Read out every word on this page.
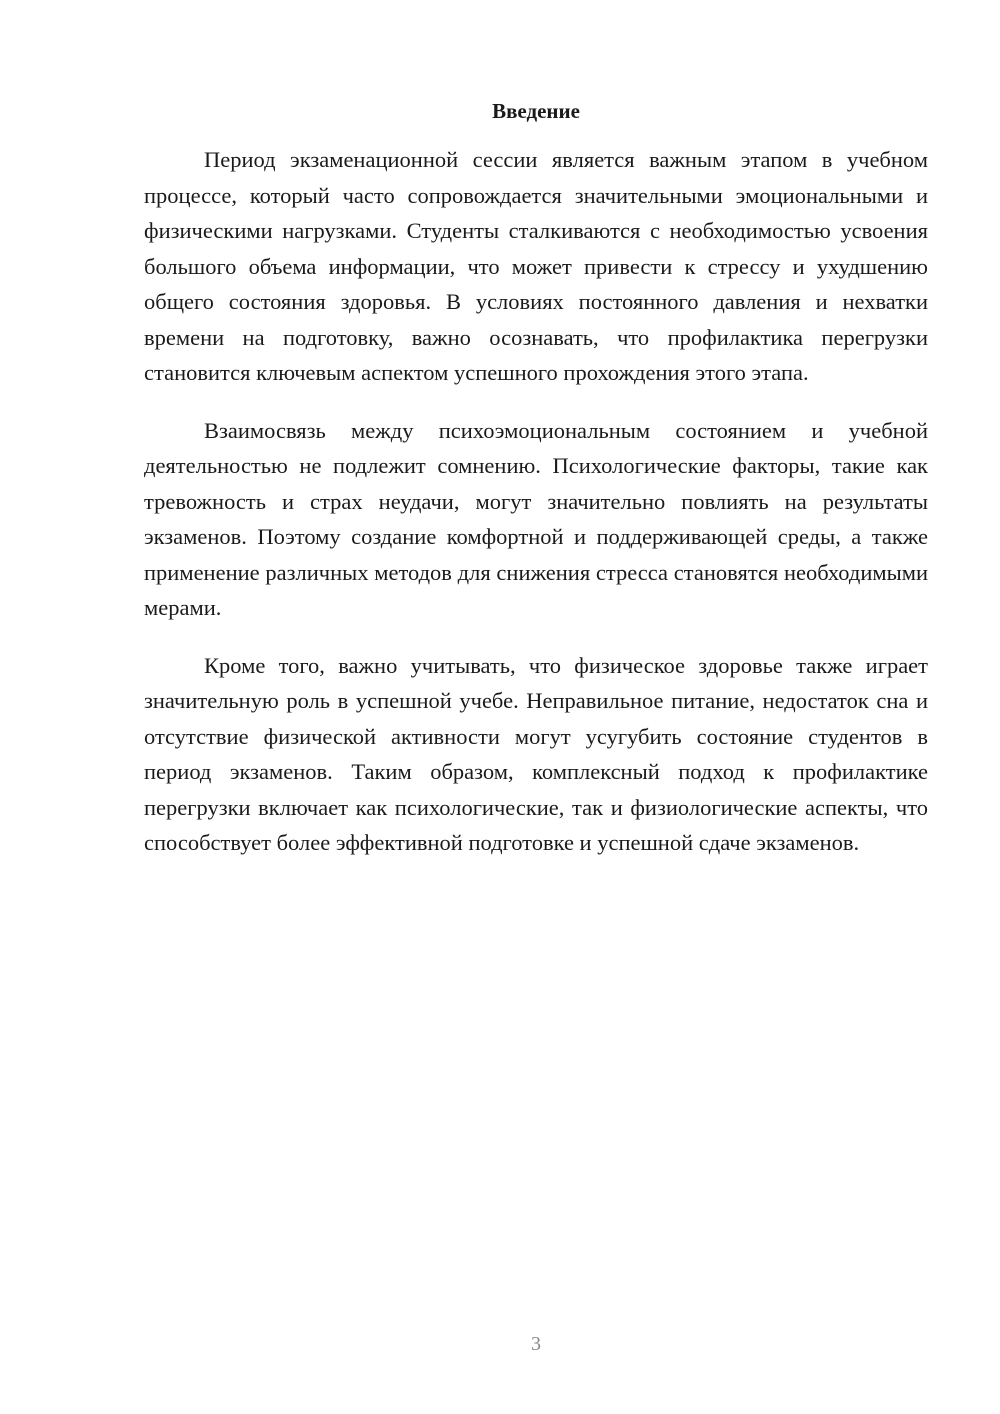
Введение

Период экзаменационной сессии является важным этапом в учебном процессе, который часто сопровождается значительными эмоциональными и физическими нагрузками. Студенты сталкиваются с необходимостью усвоения большого объема информации, что может привести к стрессу и ухудшению общего состояния здоровья. В условиях постоянного давления и нехватки времени на подготовку, важно осознавать, что профилактика перегрузки становится ключевым аспектом успешного прохождения этого этапа.

Взаимосвязь между психоэмоциональным состоянием и учебной деятельностью не подлежит сомнению. Психологические факторы, такие как тревожность и страх неудачи, могут значительно повлиять на результаты экзаменов. Поэтому создание комфортной и поддерживающей среды, а также применение различных методов для снижения стресса становятся необходимыми мерами.

Кроме того, важно учитывать, что физическое здоровье также играет значительную роль в успешной учебе. Неправильное питание, недостаток сна и отсутствие физической активности могут усугубить состояние студентов в период экзаменов. Таким образом, комплексный подход к профилактике перегрузки включает как психологические, так и физиологические аспекты, что способствует более эффективной подготовке и успешной сдаче экзаменов.

3
